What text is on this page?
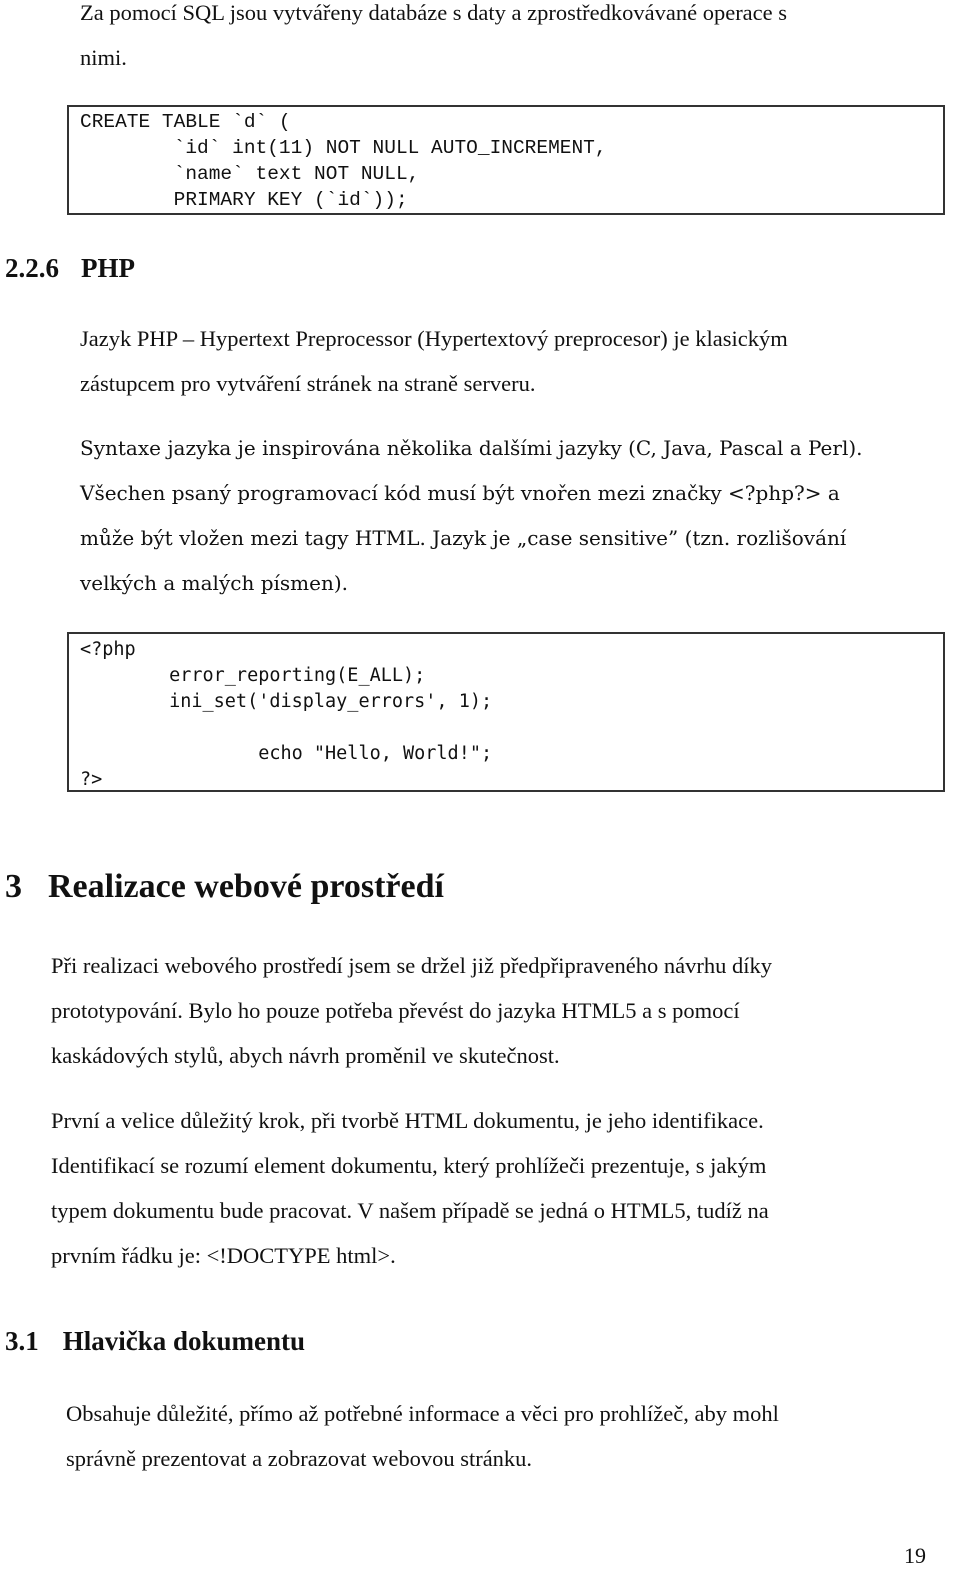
Za pomocí SQL jsou vytvářeny databáze s daty a zprostředkovávané operace s
nimi.

CREATE TABLE `d` (
`id` int(11) NOT NULL AUTO_INCREMENT,
`name` text NOT NULL,
PRIMARY KEY (`id`));
2.2.6 PHP

Jazyk PHP – Hypertext Preprocessor (Hypertextový preprocesor) je klasickým
zástupcem pro vytváření stránek na straně serveru.

Syntaxe jazyka je inspirována několika dalšími jazyky (C, Java, Pascal a Perl).
Všechen psaný programovací kód musí být vnořen mezi značky <?php?> a
může být vložen mezi tagy HTML. Jazyk je „case sensitive” (tzn. rozlišování
velkých a malých písmen).

<?php
error_reporting(E_ALL);
ini_set('display_errors', 1);

echo "Hello, World!";
?>
3 Realizace webové prostředí

Při realizaci webového prostředí jsem se držel již předpřipraveného návrhu díky
prototypování. Bylo ho pouze potřeba převést do jazyka HTML5 a s pomocí
kaskádových stylů, abych návrh proměnil ve skutečnost.

První a velice důležitý krok, při tvorbě HTML dokumentu, je jeho identifikace.
Identifikací se rozumí element dokumentu, který prohlížeči prezentuje, s jakým
typem dokumentu bude pracovat. V našem případě se jedná o HTML5, tudíž na
prvním řádku je: <!DOCTYPE html>.

3.1 Hlavička dokumentu

Obsahuje důležité, přímo až potřebné informace a věci pro prohlížeč, aby mohl
správně prezentovat a zobrazovat webovou stránku.

19
